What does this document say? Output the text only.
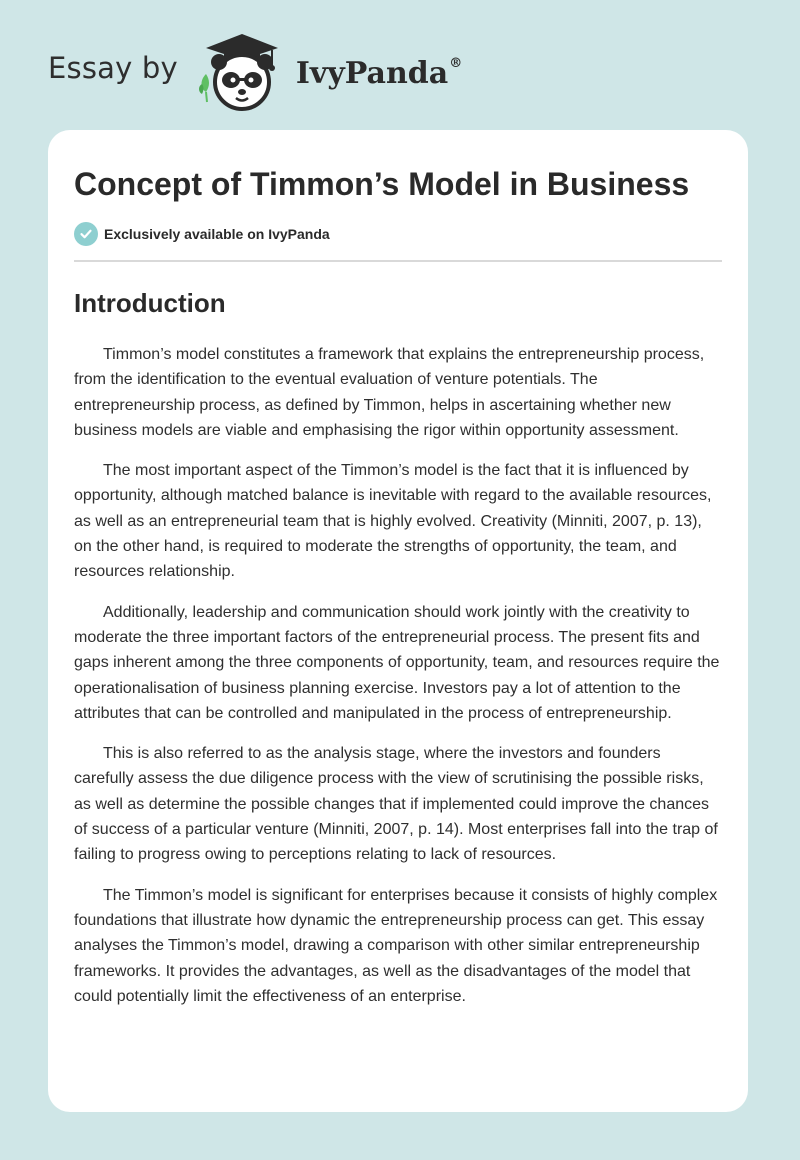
Essay by	IvyPanda®
Concept of Timmon’s Model in Business
Exclusively available on IvyPanda
Introduction

Timmon’s model constitutes a framework that explains the entrepreneurship process, from the identification to the eventual evaluation of venture potentials. The entrepreneurship process, as defined by Timmon, helps in ascertaining whether new business models are viable and emphasising the rigor within opportunity assessment.

The most important aspect of the Timmon’s model is the fact that it is influenced by opportunity, although matched balance is inevitable with regard to the available resources, as well as an entrepreneurial team that is highly evolved. Creativity (Minniti, 2007, p. 13), on the other hand, is required to moderate the strengths of opportunity, the team, and resources relationship.

Additionally, leadership and communication should work jointly with the creativity to moderate the three important factors of the entrepreneurial process. The present fits and gaps inherent among the three components of opportunity, team, and resources require the operationalisation of business planning exercise. Investors pay a lot of attention to the attributes that can be controlled and manipulated in the process of entrepreneurship.

This is also referred to as the analysis stage, where the investors and founders carefully assess the due diligence process with the view of scrutinising the possible risks, as well as determine the possible changes that if implemented could improve the chances of success of a particular venture (Minniti, 2007, p. 14). Most enterprises fall into the trap of failing to progress owing to perceptions relating to lack of resources.

The Timmon’s model is significant for enterprises because it consists of highly complex foundations that illustrate how dynamic the entrepreneurship process can get. This essay analyses the Timmon’s model, drawing a comparison with other similar entrepreneurship frameworks. It provides the advantages, as well as the disadvantages of the model that could potentially limit the effectiveness of an enterprise.
